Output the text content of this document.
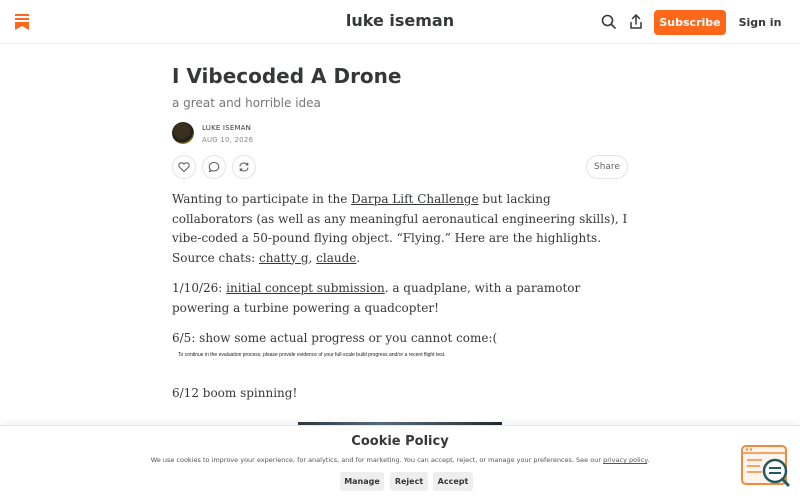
luke iseman	Subscribe	Sign in
I Vibecoded A Drone
a great and horrible idea
LUKE ISEMAN
AUG 10, 2026
Share

Wanting to participate in the Darpa Lift Challenge but lacking collaborators (as well as any meaningful aeronautical engineering skills), I vibe-coded a 50-pound flying object. “Flying.” Here are the highlights. Source chats: chatty g, claude.

1/10/26: initial concept submission. a quadplane, with a paramotor powering a turbine powering a quadcopter!

6/5: show some actual progress or you cannot come:(

To continue in the evaluation process, please provide evidence of your full-scale build progress and/or a recent flight test.

6/12 boom spinning!

Cookie Policy
We use cookies to improve your experience, for analytics, and for marketing. You can accept, reject, or manage your preferences. See our privacy policy.
Manage	Reject	Accept
